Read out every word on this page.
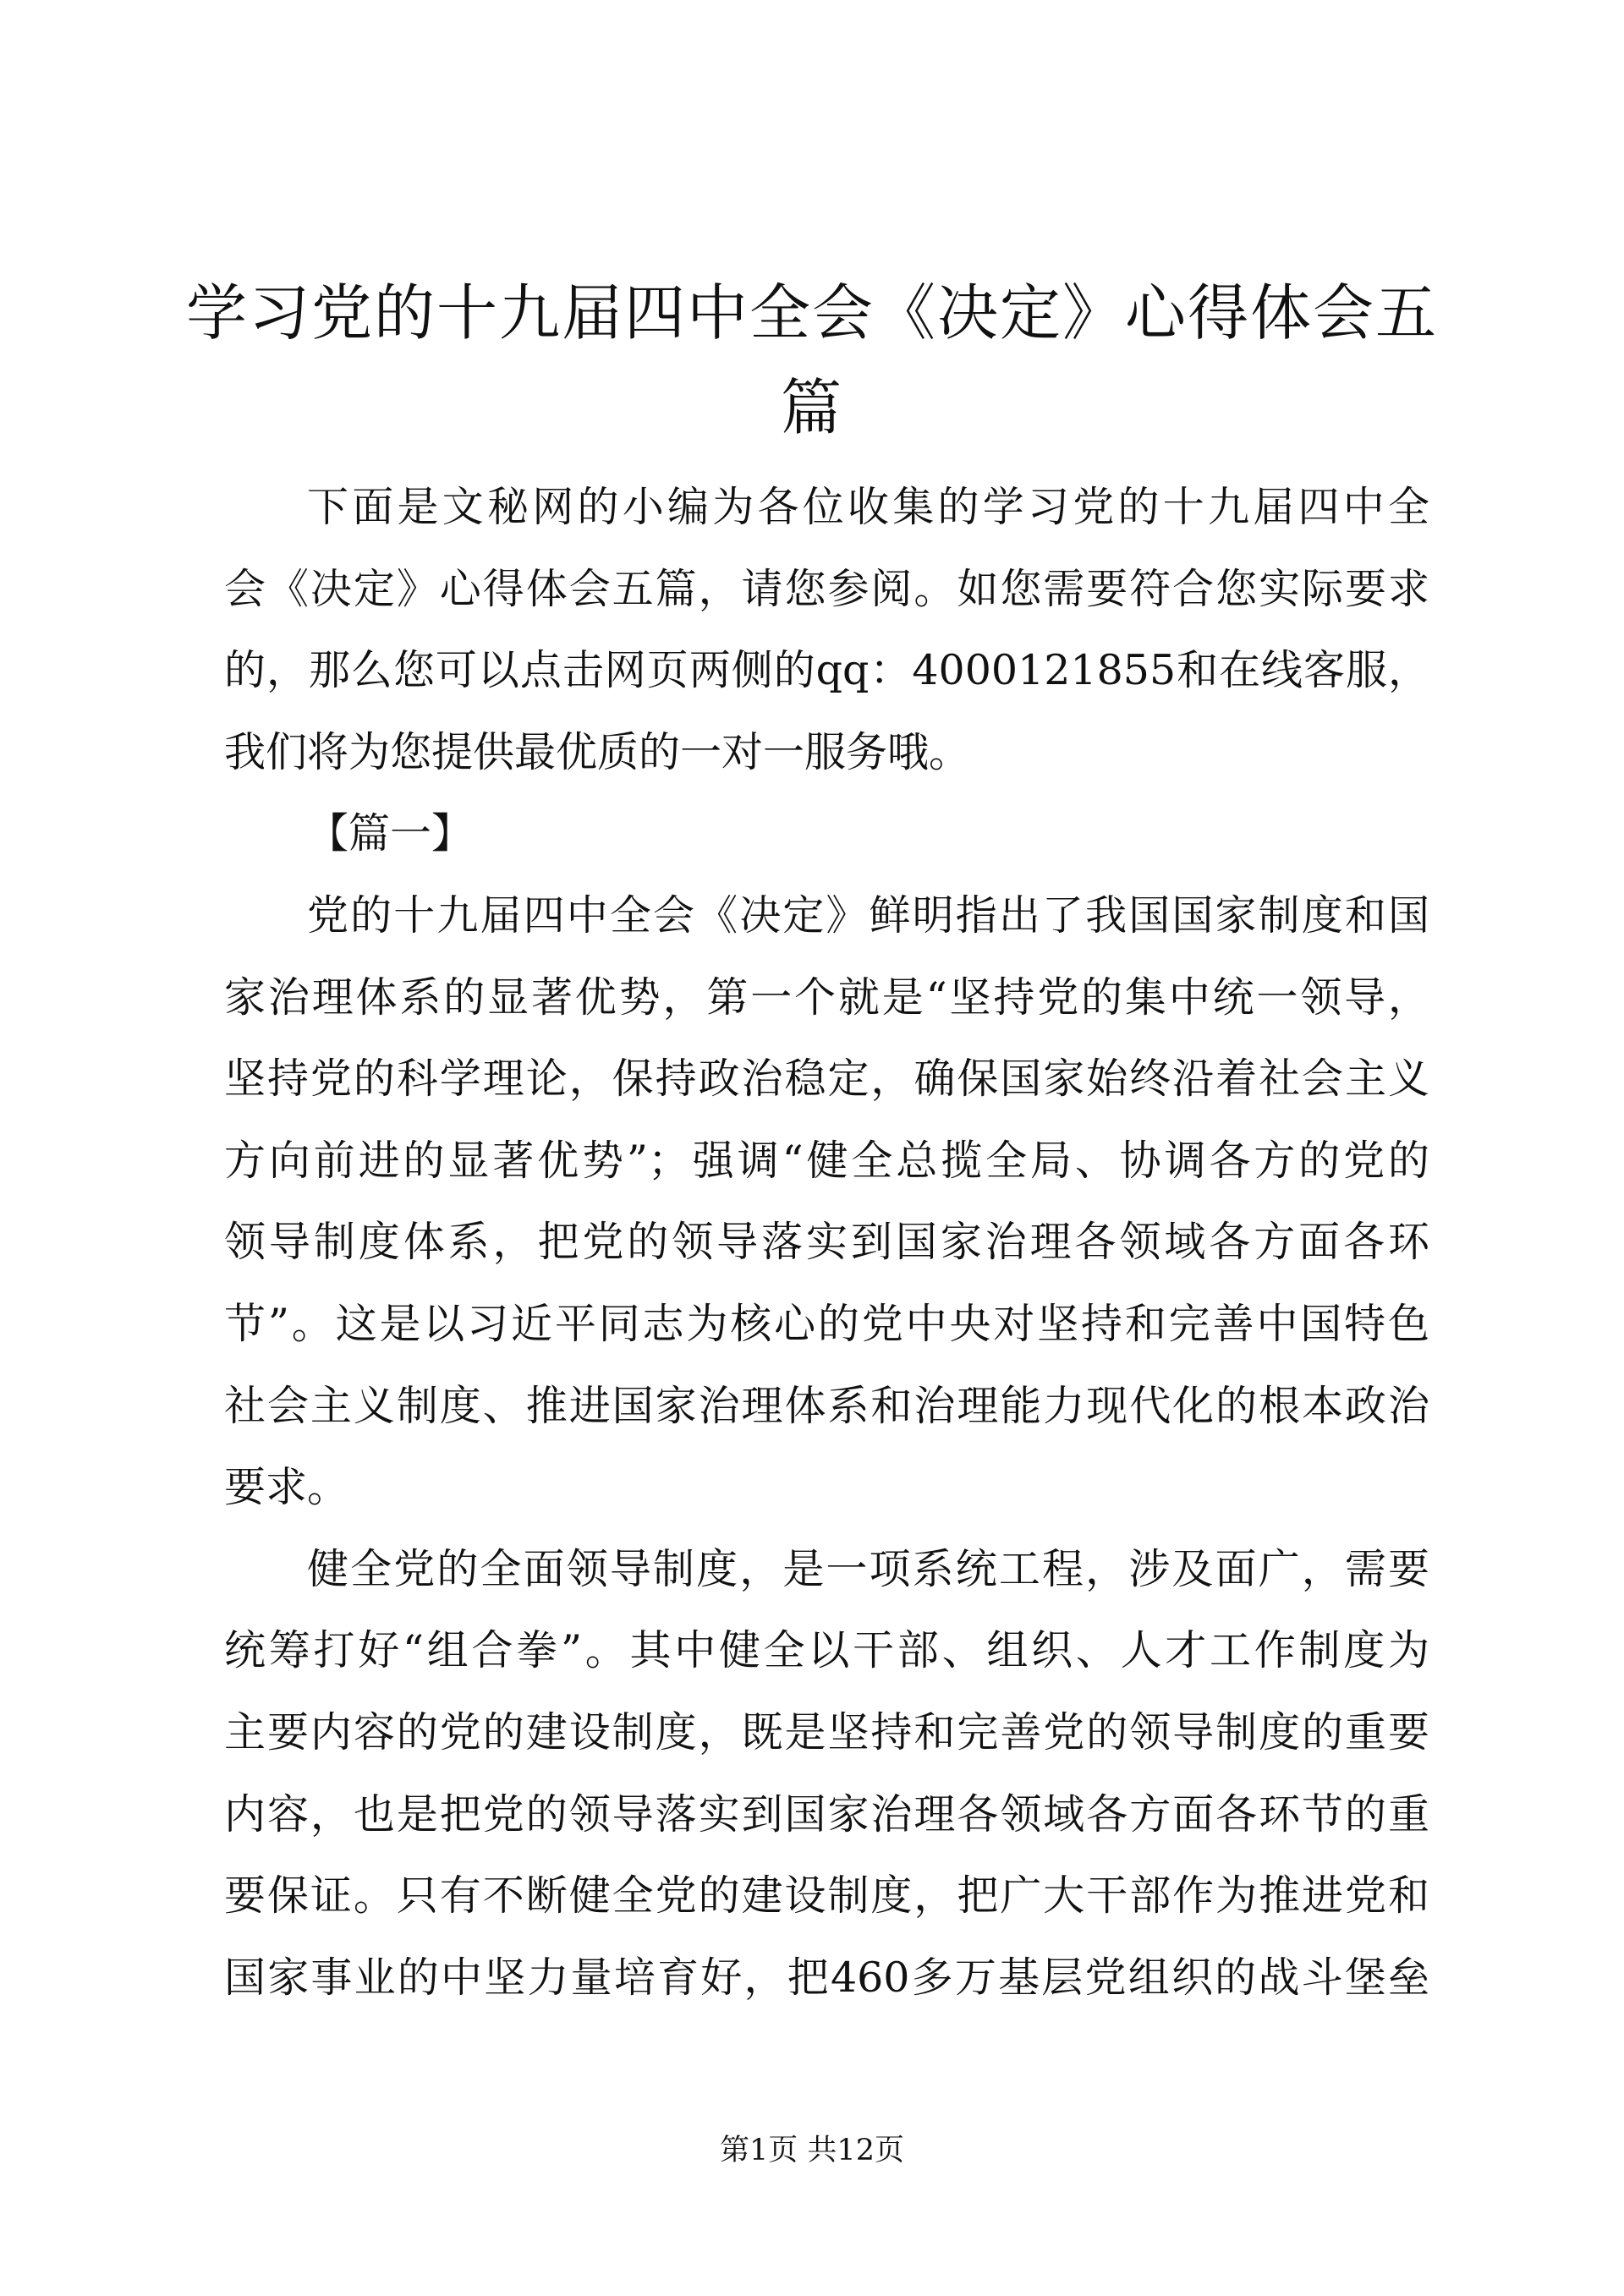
学习党的十九届四中全会《决定》心得体会五
篇
下面是文秘网的小编为各位收集的学习党的十九届四中全
会《决定》心得体会五篇，请您参阅。如您需要符合您实际要求
的，那么您可以点击网页两侧的qq：4000121855和在线客服，
我们将为您提供最优质的一对一服务哦。
【篇一】
党的十九届四中全会《决定》鲜明指出了我国国家制度和国
家治理体系的显著优势，第一个就是“坚持党的集中统一领导，
坚持党的科学理论，保持政治稳定，确保国家始终沿着社会主义
方向前进的显著优势”；强调“健全总揽全局、协调各方的党的
领导制度体系，把党的领导落实到国家治理各领域各方面各环
节”。这是以习近平同志为核心的党中央对坚持和完善中国特色
社会主义制度、推进国家治理体系和治理能力现代化的根本政治
要求。
健全党的全面领导制度，是一项系统工程，涉及面广，需要
统筹打好“组合拳”。其中健全以干部、组织、人才工作制度为
主要内容的党的建设制度，既是坚持和完善党的领导制度的重要
内容，也是把党的领导落实到国家治理各领域各方面各环节的重
要保证。只有不断健全党的建设制度，把广大干部作为推进党和
国家事业的中坚力量培育好，把460多万基层党组织的战斗堡垒
第1页 共12页
